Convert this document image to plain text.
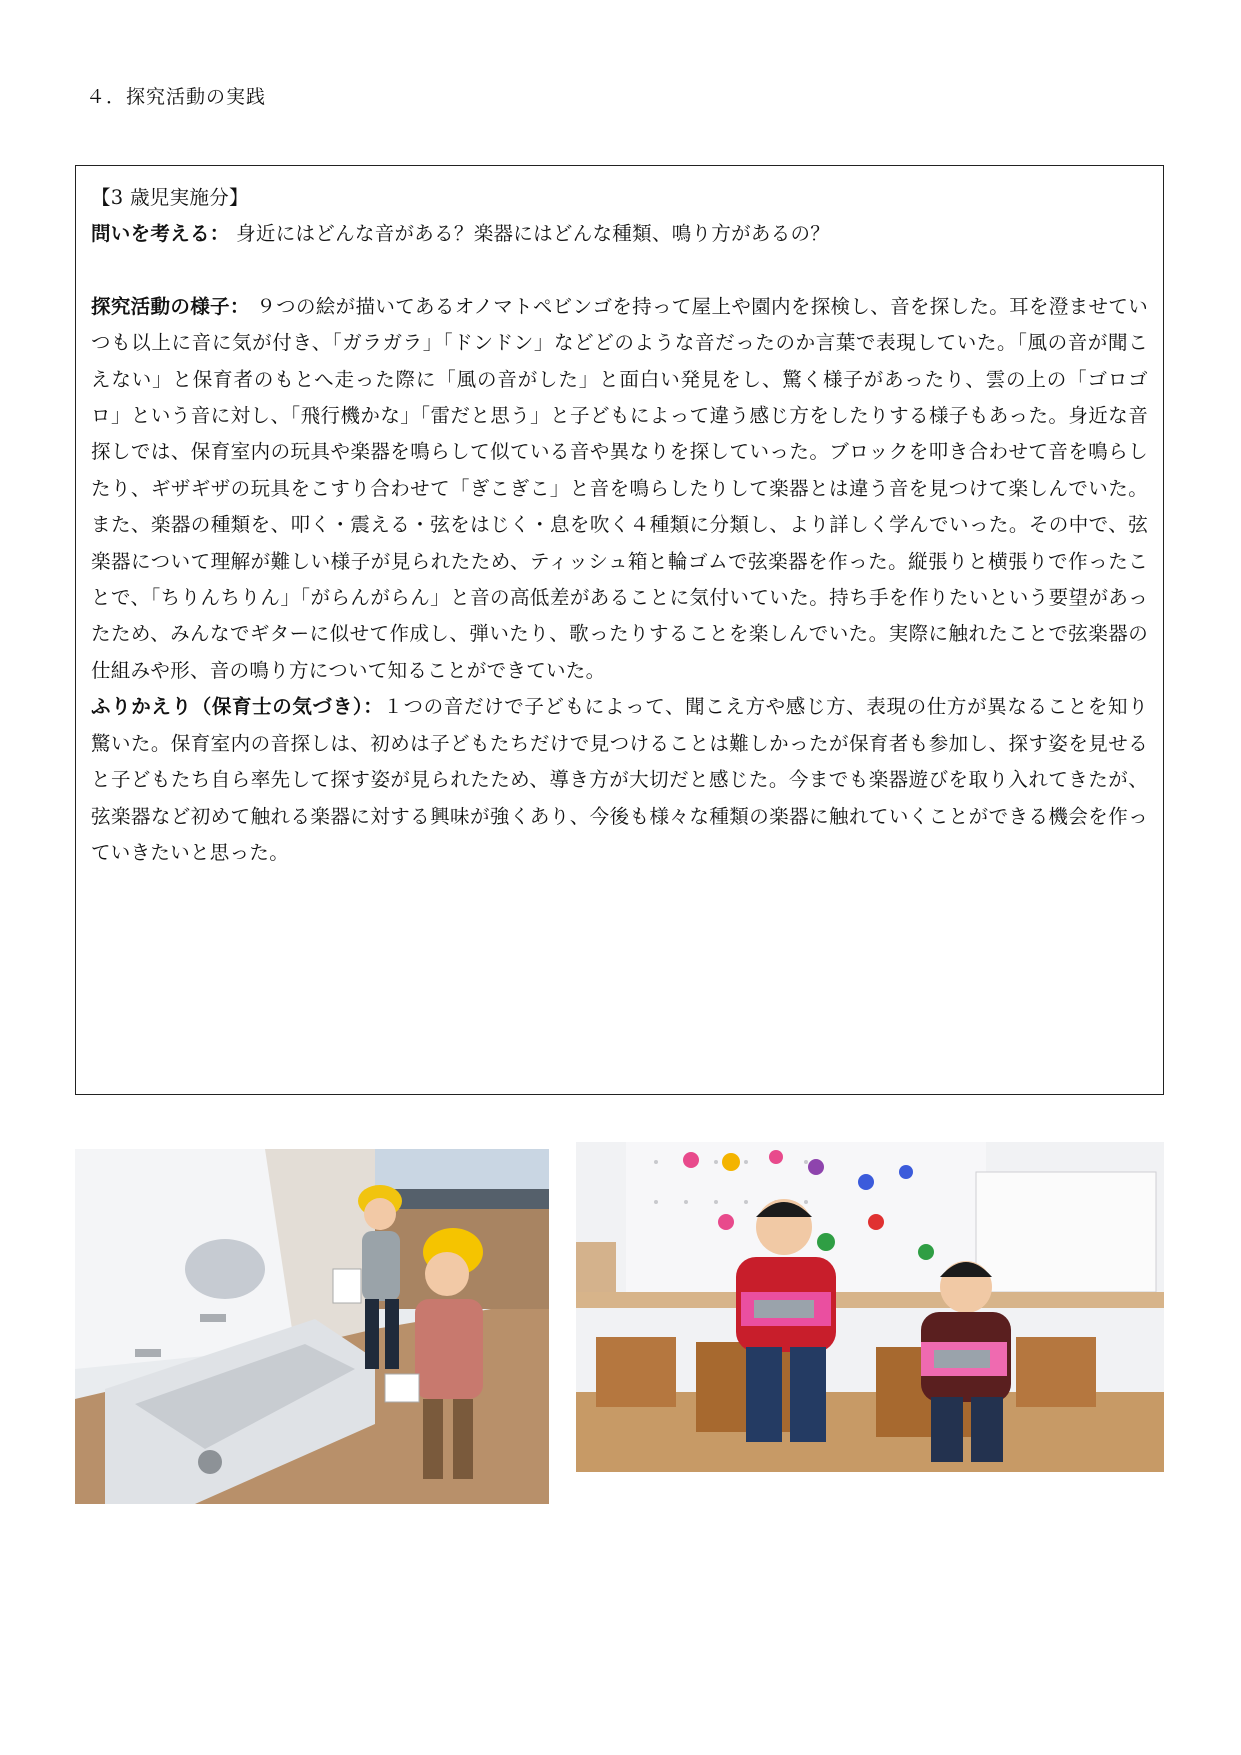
４．探究活動の実践

【3 歳児実施分】

問いを考える： 身近にはどんな音がある？楽器にはどんな種類、鳴り方があるの？

探究活動の様子： ９つの絵が描いてあるオノマトペビンゴを持って屋上や園内を探検し、音を探した。耳を澄ませていつも以上に音に気が付き、「ガラガラ」「ドンドン」などどのような音だったのか言葉で表現していた。「風の音が聞こえない」と保育者のもとへ走った際に「風の音がした」と面白い発見をし、驚く様子があったり、雲の上の「ゴロゴロ」という音に対し、「飛行機かな」「雷だと思う」と子どもによって違う感じ方をしたりする様子もあった。身近な音探しでは、保育室内の玩具や楽器を鳴らして似ている音や異なりを探していった。ブロックを叩き合わせて音を鳴らしたり、ギザギザの玩具をこすり合わせて「ぎこぎこ」と音を鳴らしたりして楽器とは違う音を見つけて楽しんでいた。また、楽器の種類を、叩く・震える・弦をはじく・息を吹く４種類に分類し、より詳しく学んでいった。その中で、弦楽器について理解が難しい様子が見られたため、ティッシュ箱と輪ゴムで弦楽器を作った。縦張りと横張りで作ったことで、「ちりんちりん」「がらんがらん」と音の高低差があることに気付いていた。持ち手を作りたいという要望があったため、みんなでギターに似せて作成し、弾いたり、歌ったりすることを楽しんでいた。実際に触れたことで弦楽器の仕組みや形、音の鳴り方について知ることができていた。

ふりかえり（保育士の気づき）：１つの音だけで子どもによって、聞こえ方や感じ方、表現の仕方が異なることを知り驚いた。保育室内の音探しは、初めは子どもたちだけで見つけることは難しかったが保育者も参加し、探す姿を見せると子どもたち自ら率先して探す姿が見られたため、導き方が大切だと感じた。今までも楽器遊びを取り入れてきたが、弦楽器など初めて触れる楽器に対する興味が強くあり、今後も様々な種類の楽器に触れていくことができる機会を作っていきたいと思った。
